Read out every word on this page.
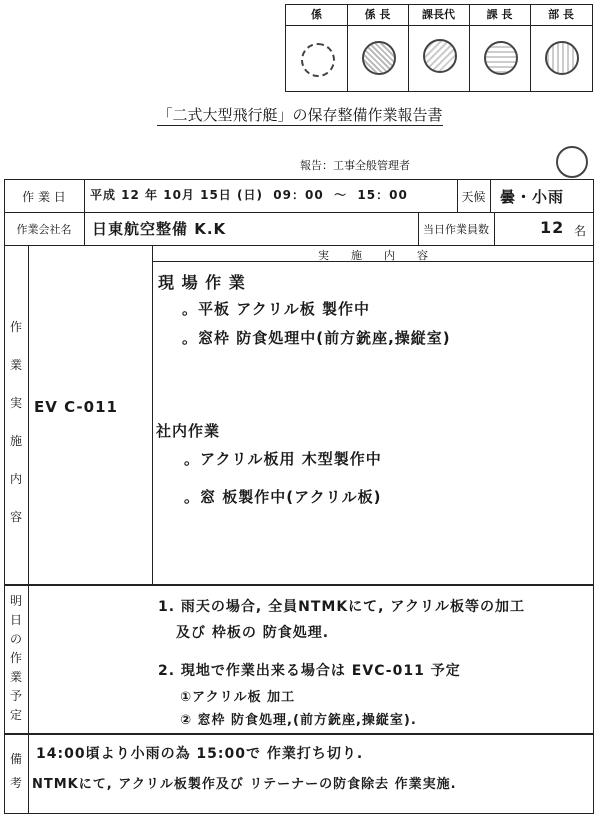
係	係 長	課長代	課 長	部 長
「二式大型飛行艇」の保存整備作業報告書
報告：工事全般管理者
作 業 日	平成 12 年 10月 15日 (日)  09：00  ～  15：00	天候 曇・小雨
作業会社名	日東航空整備 K.K	当日作業員数	12 名
作
業
実
施
内
容
実　　施　　内　　容
EV C-011
現 場 作 業
。平板 アクリル板 製作中
。窓枠 防食処理中(前方銃座,操縦室)
社内作業
。アクリル板用 木型製作中
。窓 板製作中(アクリル板)
明
日
の
作
業
予
定
1. 雨天の場合, 全員NTMKにて, アクリル板等の加工
及び 枠板の 防食処理.
2. 現地で作業出来る場合は EVC-011 予定
①アクリル板 加工
② 窓枠 防食処理,(前方銃座,操縦室).
備
考
14:00頃より小雨の為 15:00で 作業打ち切り.
NTMKにて, アクリル板製作及び リテーナーの防食除去 作業実施.
